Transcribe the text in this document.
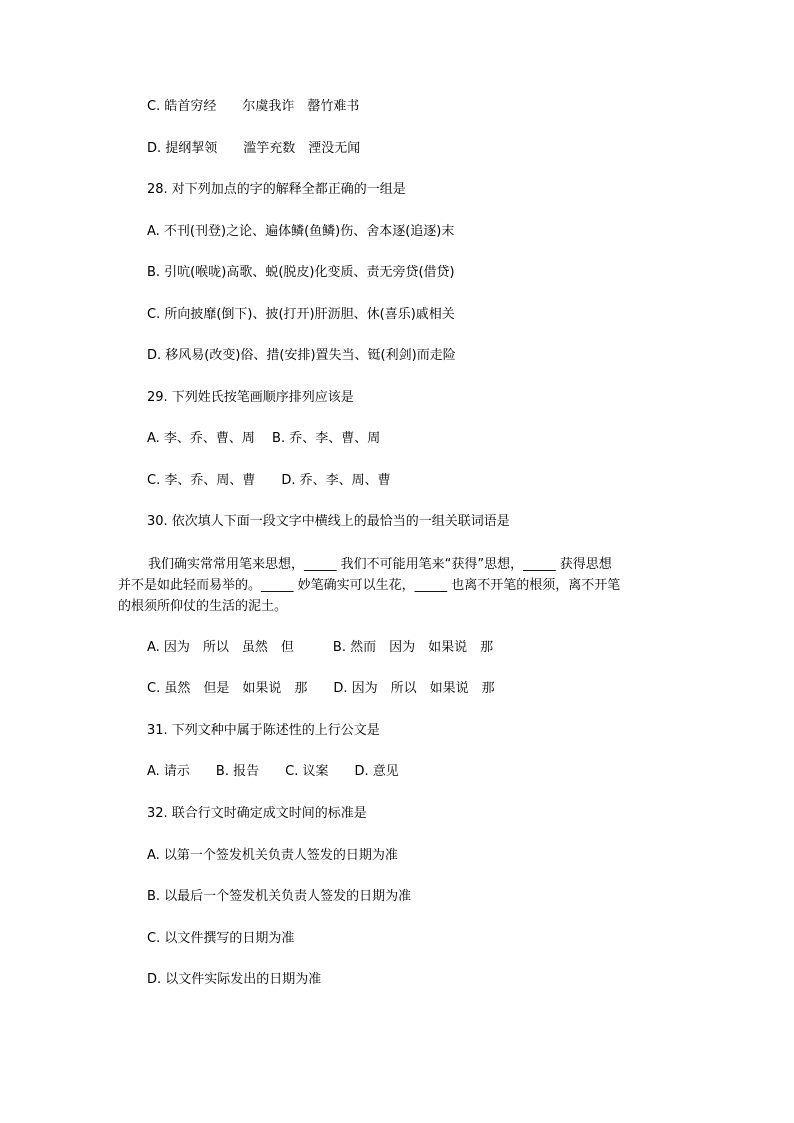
C. 皓首穷经　　尔虞我诈　罄竹难书
D. 提纲挈领　　滥竽充数　湮没无闻
28. 对下列加点的字的解释全都正确的一组是
A. 不刊(刊登)之论、遍体鳞(鱼鳞)伤、舍本逐(追逐)末
B. 引吭(喉咙)高歌、蜕(脱皮)化变质、责无旁贷(借贷)
C. 所向披靡(倒下)、披(打开)肝沥胆、休(喜乐)戚相关
D. 移风易(改变)俗、措(安排)置失当、铤(利剑)而走险
29. 下列姓氏按笔画顺序排列应该是
A. 李、乔、曹、周　 B. 乔、李、曹、周
C. 李、乔、周、曹　　D. 乔、李、周、曹
30. 依次填人下面一段文字中横线上的最恰当的一组关联词语是
我们确实常常用笔来思想，_____ 我们不可能用笔来“获得”思想，_____ 获得思想
并不是如此轻而易举的。_____ 妙笔确实可以生花，_____ 也离不开笔的根须，离不开笔
的根须所仰仗的生活的泥土。
A. 因为　所以　虽然　但　　　B. 然而　因为　如果说　那
C. 虽然　但是　如果说　那　　D. 因为　所以　如果说　那
31. 下列文种中属于陈述性的上行公文是
A. 请示　　B. 报告　　C. 议案　　D. 意见
32. 联合行文时确定成文时间的标准是
A. 以第一个签发机关负责人签发的日期为准
B. 以最后一个签发机关负责人签发的日期为准
C. 以文件撰写的日期为准
D. 以文件实际发出的日期为准
